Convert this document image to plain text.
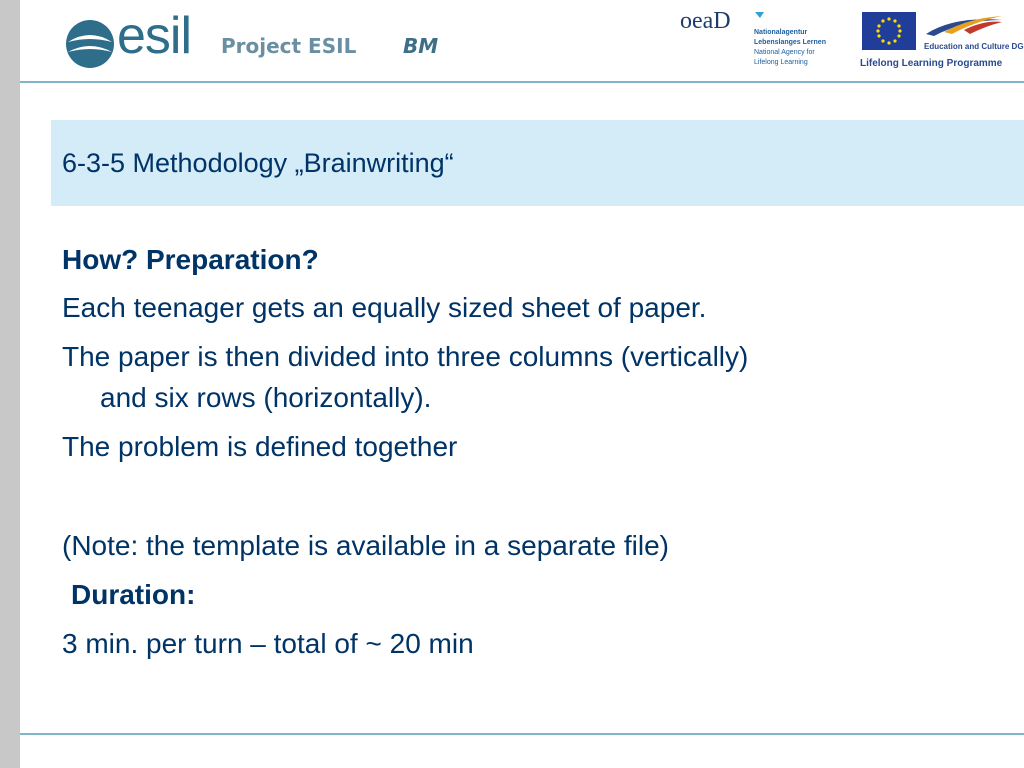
esil Project ESIL BM
oeaD	Nationalagentur
Lebenslanges Lernen
National Agency for
Lifelong Learning
Education and Culture DG
Lifelong Learning Programme
6-3-5 Methodology „Brainwriting“
How? Preparation?
Each teenager gets an equally sized sheet of paper.
The paper is then divided into three columns (vertically)
and six rows (horizontally).
The problem is defined together
(Note: the template is available in a separate file)
Duration:
3 min. per turn – total of ~ 20 min
